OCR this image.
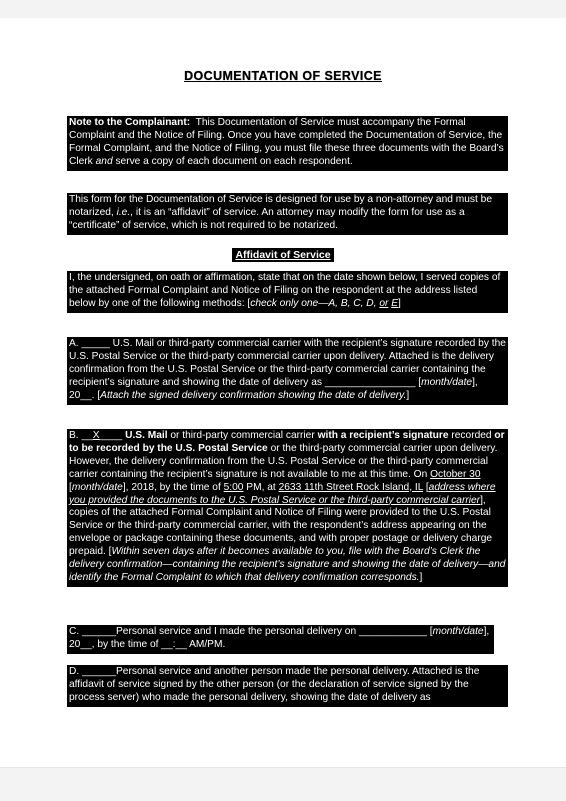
DOCUMENTATION OF SERVICE
Note to the Complainant: This Documentation of Service must accompany the Formal Complaint and the Notice of Filing. Once you have completed the Documentation of Service, the Formal Complaint, and the Notice of Filing, you must file these three documents with the Board’s Clerk and serve a copy of each document on each respondent.
This form for the Documentation of Service is designed for use by a non-attorney and must be notarized, i.e., it is an “affidavit” of service. An attorney may modify the form for use as a “certificate” of service, which is not required to be notarized.
Affidavit of Service
I, the undersigned, on oath or affirmation, state that on the date shown below, I served copies of the attached Formal Complaint and Notice of Filing on the respondent at the address listed below by one of the following methods: [check only one—A, B, C, D, or E]
A. _____ U.S. Mail or third-party commercial carrier with the recipient’s signature recorded by the U.S. Postal Service or the third-party commercial carrier upon delivery. Attached is the delivery confirmation from the U.S. Postal Service or the third-party commercial carrier containing the recipient’s signature and showing the date of delivery as ________________ [month/date], 20__. [Attach the signed delivery confirmation showing the date of delivery.]
B. __X____ U.S. Mail or third-party commercial carrier with a recipient’s signature recorded or to be recorded by the U.S. Postal Service or the third-party commercial carrier upon delivery. However, the delivery confirmation from the U.S. Postal Service or the third-party commercial carrier containing the recipient’s signature is not available to me at this time. On October 30 [month/date], 2018, by the time of 5:00 PM, at 2633 11th Street Rock Island, IL [address where you provided the documents to the U.S. Postal Service or the third-party commercial carrier], copies of the attached Formal Complaint and Notice of Filing were provided to the U.S. Postal Service or the third-party commercial carrier, with the respondent’s address appearing on the envelope or package containing these documents, and with proper postage or delivery charge prepaid. [Within seven days after it becomes available to you, file with the Board’s Clerk the delivery confirmation—containing the recipient’s signature and showing the date of delivery—and identify the Formal Complaint to which that delivery confirmation corresponds.]
C. ______Personal service and I made the personal delivery on ____________ [month/date], 20__, by the time of __:__ AM/PM.
D. ______Personal service and another person made the personal delivery. Attached is the affidavit of service signed by the other person (or the declaration of service signed by the process server) who made the personal delivery, showing the date of delivery as
